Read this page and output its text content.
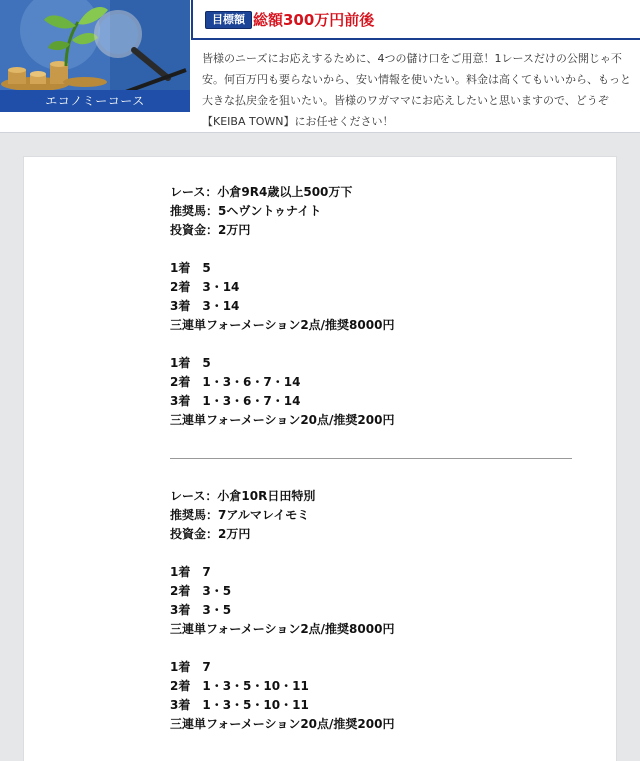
エコノミーコース
目標額 総額300万円前後

皆様のニーズにお応えするために、4つの儲け口をご用意！1レースだけの公開じゃ不安。何百万円も要らないから、安い情報を使いたい。料金は高くてもいいから、もっと大きな払戻金を狙いたい。皆様のワガママにお応えしたいと思いますので、どうぞ【KEIBA TOWN】にお任せください！

レース：小倉9R4歳以上500万下
推奨馬：5ヘヴントゥナイト
投資金：2万円
1着　5
2着　3・14
3着　3・14
三連単フォーメーション2点/推奨8000円
1着　5
2着　1・3・6・7・14
3着　1・3・6・7・14
三連単フォーメーション20点/推奨200円
レース：小倉10R日田特別
推奨馬：7アルマレイモミ
投資金：2万円
1着　7
2着　3・5
3着　3・5
三連単フォーメーション2点/推奨8000円
1着　7
2着　1・3・5・10・11
3着　1・3・5・10・11
三連単フォーメーション20点/推奨200円
